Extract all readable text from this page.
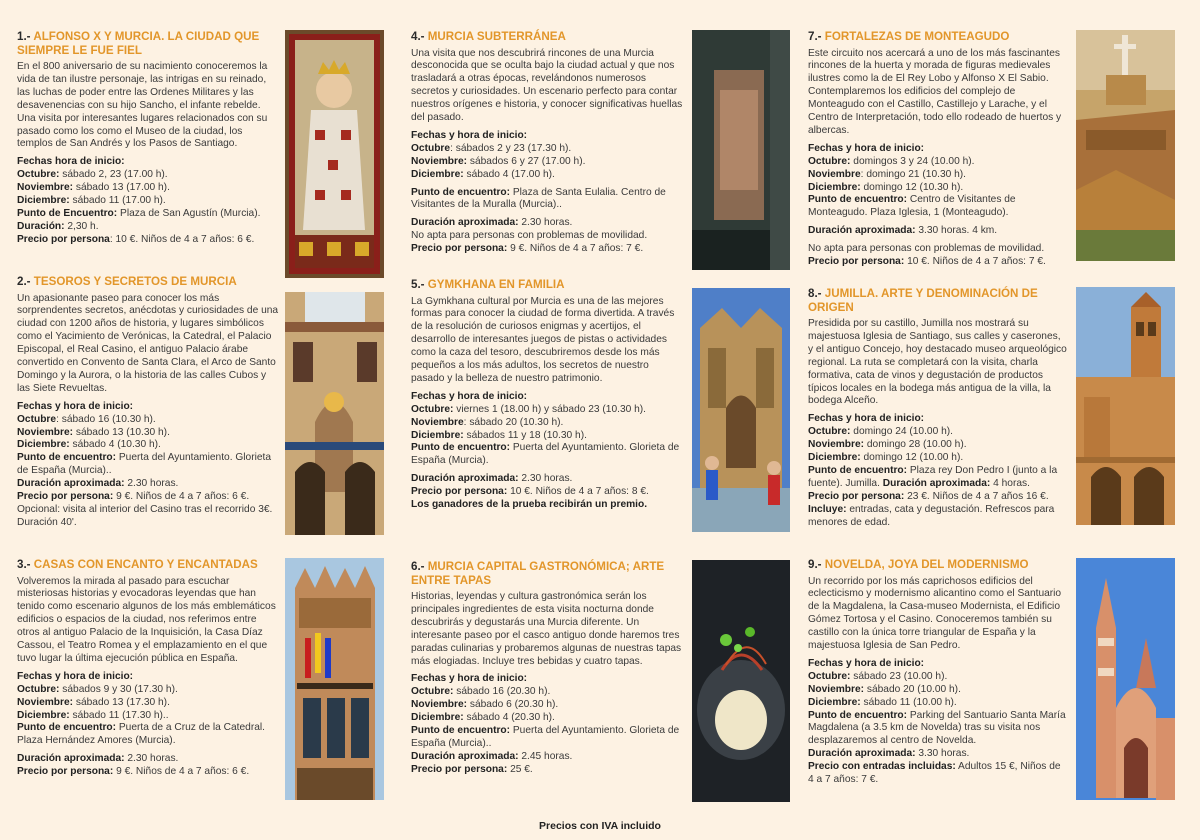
1.- ALFONSO X Y MURCIA. LA CIUDAD QUE SIEMPRE LE FUE FIEL
En el 800 aniversario de su nacimiento conoceremos la vida de tan ilustre personaje, las intrigas en su reinado, las luchas de poder entre las Ordenes Militares y las desavenencias con su hijo Sancho, el infante rebelde. Una visita por interesantes lugares relacionados con su pasado como los como el Museo de la ciudad, los templos de San Andrés y los Pasos de Santiago.

Fechas hora de inicio:

Octubre: sábado 2, 23 (17.00 h).

Noviembre: sábado 13 (17.00 h).

Diciembre: sábado 11 (17.00 h).

Punto de Encuentro: Plaza de San Agustín (Murcia).

Duración: 2,30 h.

Precio por persona: 10 €. Niños de 4 a 7 años: 6 €.

2.- TESOROS Y SECRETOS DE MURCIA
Un apasionante paseo para conocer los más sorprendentes secretos, anécdotas y curiosidades de una ciudad con 1200 años de historia, y lugares simbólicos como el Yacimiento de Verónicas, la Catedral, el Palacio Episcopal, el Real Casino, el antiguo Palacio árabe convertido en Convento de Santa Clara, el Arco de Santo Domingo y la Aurora, o la historia de las calles Cubos y las Siete Revueltas.

Fechas y hora de inicio:

Octubre: sábado 16 (10.30 h).

Noviembre: sábado 13 (10.30 h).

Diciembre: sábado 4 (10.30 h).

Punto de encuentro: Puerta del Ayuntamiento. Glorieta de España (Murcia)..

Duración aproximada: 2.30 horas.

Precio por persona: 9 €. Niños de 4 a 7 años: 6 €.

Opcional: visita al interior del Casino tras el recorrido 3€. Duración 40'.

3.- CASAS CON ENCANTO Y ENCANTADAS
Volveremos la mirada al pasado para escuchar misteriosas historias y evocadoras leyendas que han tenido como escenario algunos de los más emblemáticos edificios o espacios de la ciudad, nos referimos entre otros al antiguo Palacio de la Inquisición, la Casa Díaz Cassou, el Teatro Romea y el emplazamiento en el que tuvo lugar la última ejecución pública en España.

Fechas y hora de inicio:

Octubre: sábados 9 y 30 (17.30 h).

Noviembre: sábado 13 (17.30 h).

Diciembre: sábado 11 (17.30 h)..

Punto de encuentro: Puerta de a Cruz de la Catedral. Plaza Hernández Amores (Murcia).

Duración aproximada: 2.30 horas.

Precio por persona: 9 €. Niños de 4 a 7 años: 6 €.

4.- MURCIA SUBTERRÁNEA
Una visita que nos descubrirá rincones de una Murcia desconocida que se oculta bajo la ciudad actual y que nos trasladará a otras épocas, revelándonos numerosos secretos y curiosidades. Un escenario perfecto para contar nuestros orígenes e historia, y conocer significativas huellas del pasado.

Fechas y hora de inicio:

Octubre: sábados 2 y 23 (17.30 h).

Noviembre: sábados 6 y 27 (17.00 h).

Diciembre: sábado 4 (17.00 h).

Punto de encuentro: Plaza de Santa Eulalia. Centro de Visitantes de la Muralla (Murcia)..

Duración aproximada: 2.30 horas.

No apta para personas con problemas de movilidad.

Precio por persona: 9 €. Niños de 4 a 7 años: 7 €.

5.- GYMKHANA EN FAMILIA
La Gymkhana cultural por Murcia es una de las mejores formas para conocer la ciudad de forma divertida. A través de la resolución de curiosos enigmas y acertijos, el desarrollo de interesantes juegos de pistas o actividades como la caza del tesoro, descubriremos desde los más pequeños a los más adultos, los secretos de nuestro pasado y la belleza de nuestro patrimonio.

Fechas y hora de inicio:

Octubre: viernes 1 (18.00 h) y sábado 23 (10.30 h).

Noviembre: sábado 20 (10.30 h).

Diciembre: sábados 11 y 18 (10.30 h).

Punto de encuentro: Puerta del Ayuntamiento. Glorieta de España (Murcia).

Duración aproximada: 2.30 horas.

Precio por persona: 10 €. Niños de 4 a 7 años: 8 €.

Los ganadores de la prueba recibirán un premio.

6.- MURCIA CAPITAL GASTRONÓMICA; ARTE ENTRE TAPAS
Historias, leyendas y cultura gastronómica serán los principales ingredientes de esta visita nocturna donde descubrirás y degustarás una Murcia diferente. Un interesante paseo por el casco antiguo donde haremos tres paradas culinarias y probaremos algunas de nuestras tapas más elogiadas. Incluye tres bebidas y cuatro tapas.

Fechas y hora de inicio:

Octubre: sábado 16 (20.30 h).

Noviembre: sábado 6 (20.30 h).

Diciembre: sábado 4 (20.30 h).

Punto de encuentro: Puerta del Ayuntamiento. Glorieta de España (Murcia)..

Duración aproximada: 2.45 horas.

Precio por persona: 25 €.

7.- FORTALEZAS DE MONTEAGUDO
Este circuito nos acercará a uno de los más fascinantes rincones de la huerta y morada de figuras medievales ilustres como la de El Rey Lobo y Alfonso X El Sabio. Contemplaremos los edificios del complejo de Monteagudo con el Castillo, Castillejo y Larache, y el Centro de Interpretación, todo ello rodeado de huertos y albercas.

Fechas y hora de inicio:

Octubre: domingos 3 y 24 (10.00 h).

Noviembre: domingo 21 (10.30 h).

Diciembre: domingo 12 (10.30 h).

Punto de encuentro: Centro de Visitantes de Monteagudo. Plaza Iglesia, 1 (Monteagudo).

Duración aproximada: 3.30 horas. 4 km.

No apta para personas con problemas de movilidad.

Precio por persona: 10 €. Niños de 4 a 7 años: 7 €.

8.- JUMILLA. ARTE Y DENOMINACIÓN DE ORIGEN
Presidida por su castillo, Jumilla nos mostrará su majestuosa Iglesia de Santiago, sus calles y caserones, y el antiguo Concejo, hoy destacado museo arqueológico regional. La ruta se completará con la visita, charla formativa, cata de vinos y degustación de productos típicos locales en la bodega más antigua de la villa, la bodega Alceño.

Fechas y hora de inicio:

Octubre: domingo 24 (10.00 h).

Noviembre: domingo 28 (10.00 h).

Diciembre: domingo 12 (10.00 h).

Punto de encuentro: Plaza rey Don Pedro I (junto a la fuente). Jumilla. Duración aproximada: 4 horas.

Precio por persona: 23 €. Niños de 4 a 7 años 16 €.

Incluye: entradas, cata y degustación. Refrescos para menores de edad.

9.- NOVELDA, JOYA DEL MODERNISMO
Un recorrido por los más caprichosos edificios del eclecticismo y modernismo alicantino como el Santuario de la Magdalena, la Casa-museo Modernista, el Edificio Gómez Tortosa y el Casino. Conoceremos también su castillo con la única torre triangular de España y la majestuosa Iglesia de San Pedro.

Fechas y hora de inicio:

Octubre: sábado 23 (10.00 h).

Noviembre: sábado 20 (10.00 h).

Diciembre: sábado 11 (10.00 h).

Punto de encuentro: Parking del Santuario Santa María Magdalena (a 3.5 km de Novelda) tras su visita nos desplazaremos al centro de Novelda.

Duración aproximada: 3.30 horas.

Precio con entradas incluidas: Adultos 15 €, Niños de 4 a 7 años: 7 €.

Precios con IVA incluido
